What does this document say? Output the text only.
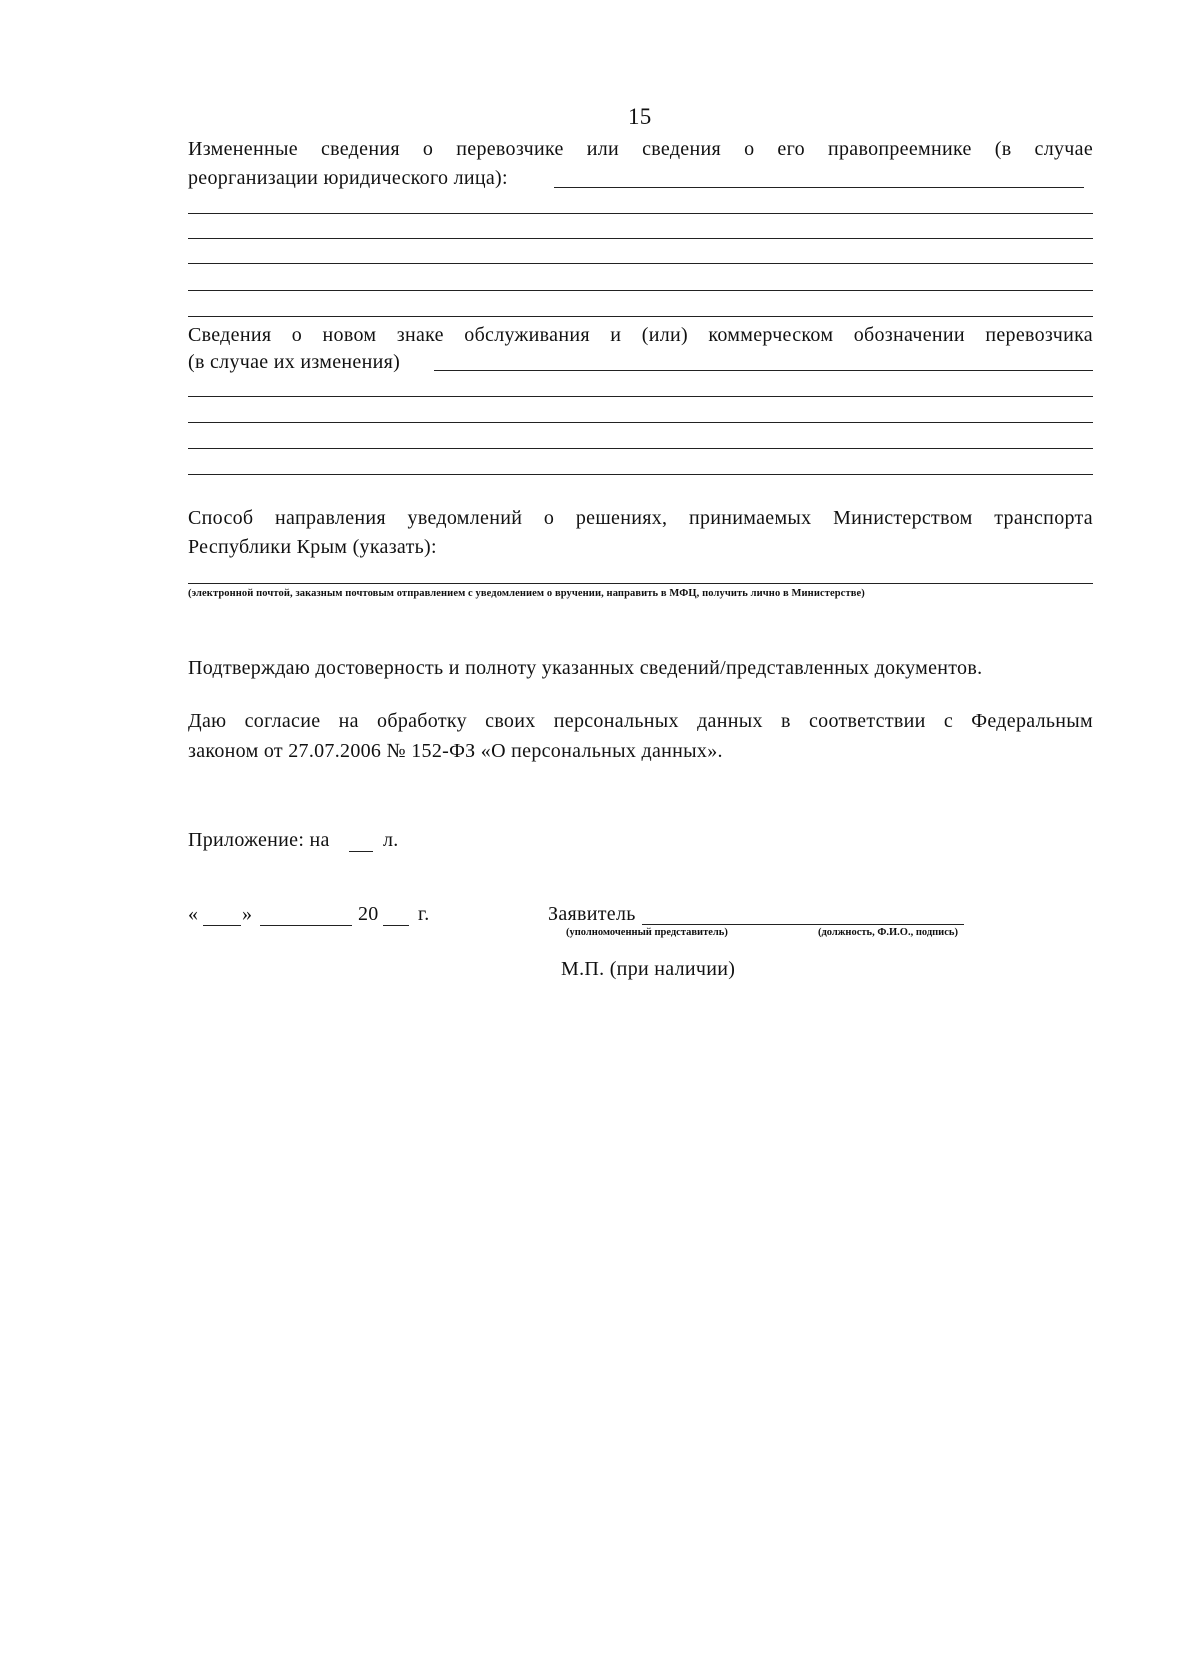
15
Измененные сведения о перевозчике или сведения о его правопреемнике (в случае
реорганизации юридического лица):
Сведения о новом знаке обслуживания и (или) коммерческом обозначении перевозчика
(в случае их изменения)
Способ направления уведомлений о решениях, принимаемых Министерством транспорта
Республики Крым (указать):
(электронной почтой, заказным почтовым отправлением с уведомлением о вручении, направить в МФЦ, получить лично в Министерстве)
Подтверждаю достоверность и полноту указанных сведений/представленных документов.
Даю согласие на обработку своих персональных данных в соответствии с Федеральным
законом от 27.07.2006 № 152-ФЗ «О персональных данных».
Приложение: на	л.
« »	20 г.	Заявитель
(уполномоченный представитель)	(должность, Ф.И.О., подпись)
М.П. (при наличии)
